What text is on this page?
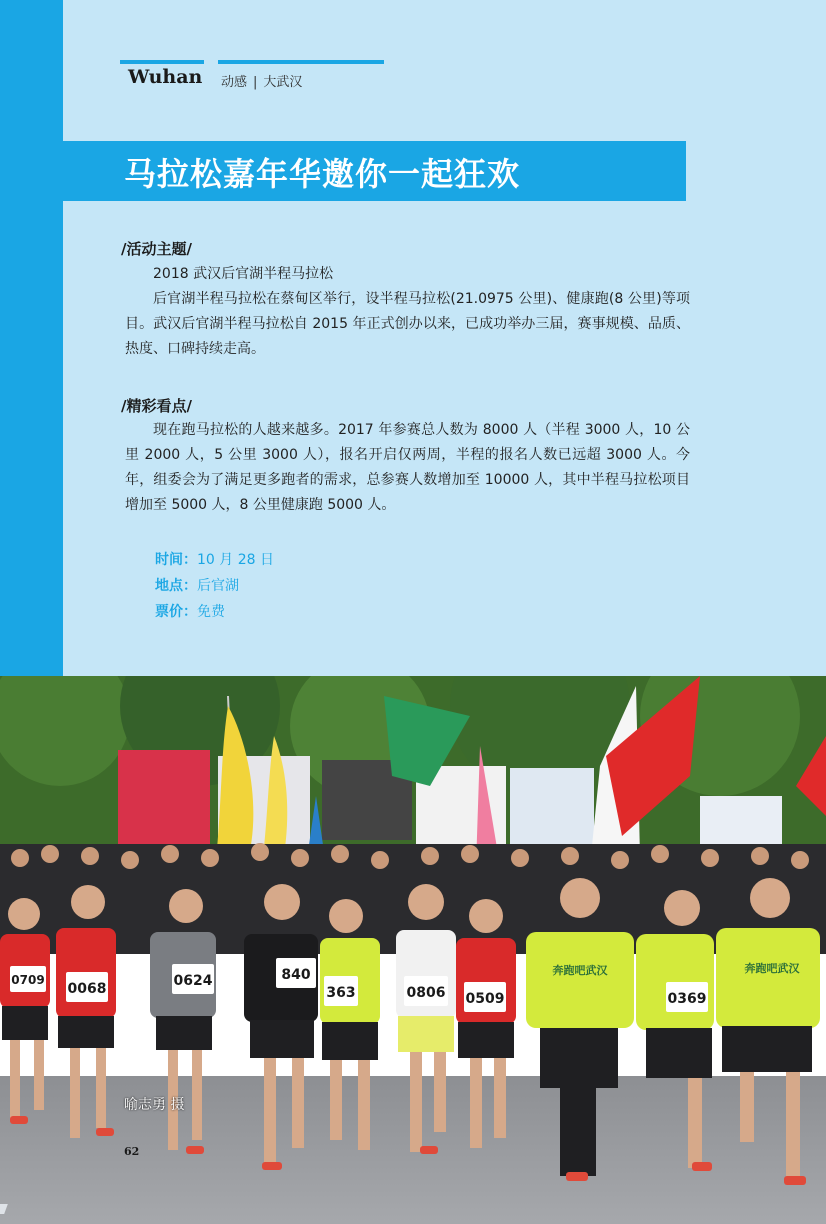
Wuhan 动感 | 大武汉
马拉松嘉年华邀你一起狂欢
/活动主题/

2018 武汉后官湖半程马拉松

后官湖半程马拉松在蔡甸区举行，设半程马拉松(21.0975 公里)、健康跑(8 公里)等项目。武汉后官湖半程马拉松自 2015 年正式创办以来，已成功举办三届，赛事规模、品质、热度、口碑持续走高。

/精彩看点/

现在跑马拉松的人越来越多。2017 年参赛总人数为 8000 人（半程 3000 人，10 公里 2000 人，5 公里 3000 人），报名开启仅两周，半程的报名人数已远超 3000 人。今年，组委会为了满足更多跑者的需求，总参赛人数增加至 10000 人，其中半程马拉松项目增加至 5000 人，8 公里健康跑 5000 人。

时间：10 月 28 日
地点：后官湖
票价：免费
0709
0068	0624	840
363	0806 0509	0369
奔跑吧武汉	奔跑吧武汉
喻志勇 摄
62
